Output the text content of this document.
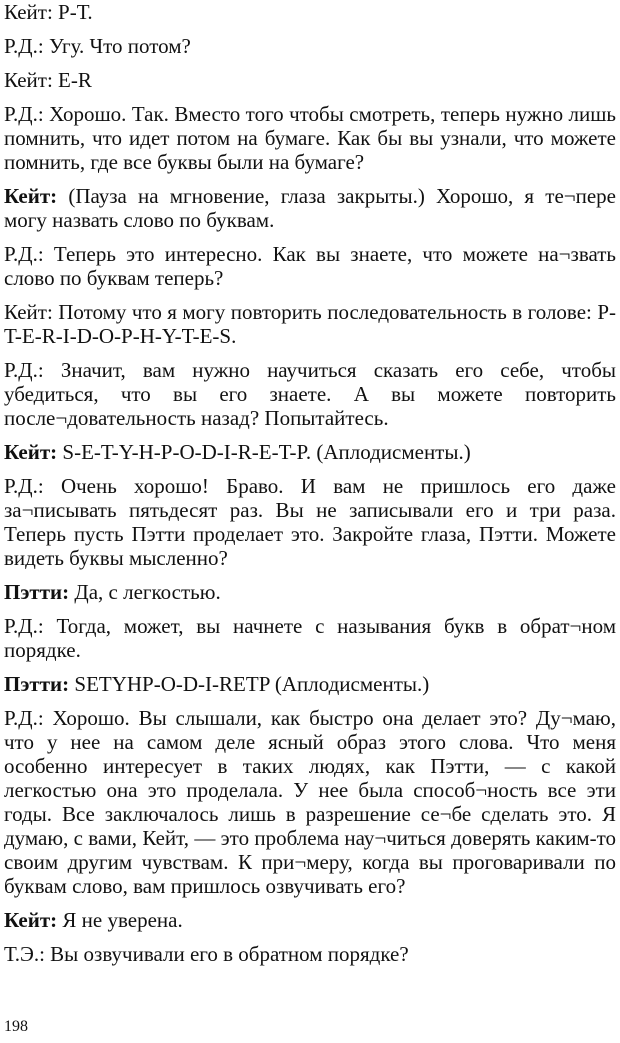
Кейт: Р-Т.

Р.Д.: Угу. Что потом?

Кейт: E-R

Р.Д.: Хорошо. Так. Вместо того чтобы смотреть, теперь нужно лишь помнить, что идет потом на бумаге. Как бы вы узнали, что можете помнить, где все буквы были на бумаге?

Кейт: (Пауза на мгновение, глаза закрыты.) Хорошо, я те¬пере могу назвать слово по буквам.

Р.Д.: Теперь это интересно. Как вы знаете, что можете на¬звать слово по буквам теперь?

Кейт: Потому что я могу повторить последовательность в голове: P-T-E-R-I-D-O-P-H-Y-T-E-S.

Р.Д.: Значит, вам нужно научиться сказать его себе, чтобы убедиться, что вы его знаете. А вы можете повторить после¬довательность назад? Попытайтесь.

Кейт: S-E-T-Y-H-P-O-D-I-R-E-T-P. (Аплодисменты.)

Р.Д.: Очень хорошо! Браво. И вам не пришлось его даже за¬писывать пятьдесят раз. Вы не записывали его и три раза. Теперь пусть Пэтти проделает это. Закройте глаза, Пэтти. Можете видеть буквы мысленно?

Пэтти: Да, с легкостью.

Р.Д.: Тогда, может, вы начнете с называния букв в обрат¬ном порядке.

Пэтти: SETYHP-O-D-I-RETP (Аплодисменты.)

Р.Д.: Хорошо. Вы слышали, как быстро она делает это? Ду¬маю, что у нее на самом деле ясный образ этого слова. Что меня особенно интересует в таких людях, как Пэтти, — с какой легкостью она это проделала. У нее была способ¬ность все эти годы. Все заключалось лишь в разрешение се¬бе сделать это. Я думаю, с вами, Кейт, — это проблема нау¬читься доверять каким-то своим другим чувствам. К при¬меру, когда вы проговаривали по буквам слово, вам пришлось озвучивать его?

Кейт: Я не уверена.

Т.Э.: Вы озвучивали его в обратном порядке?

198
